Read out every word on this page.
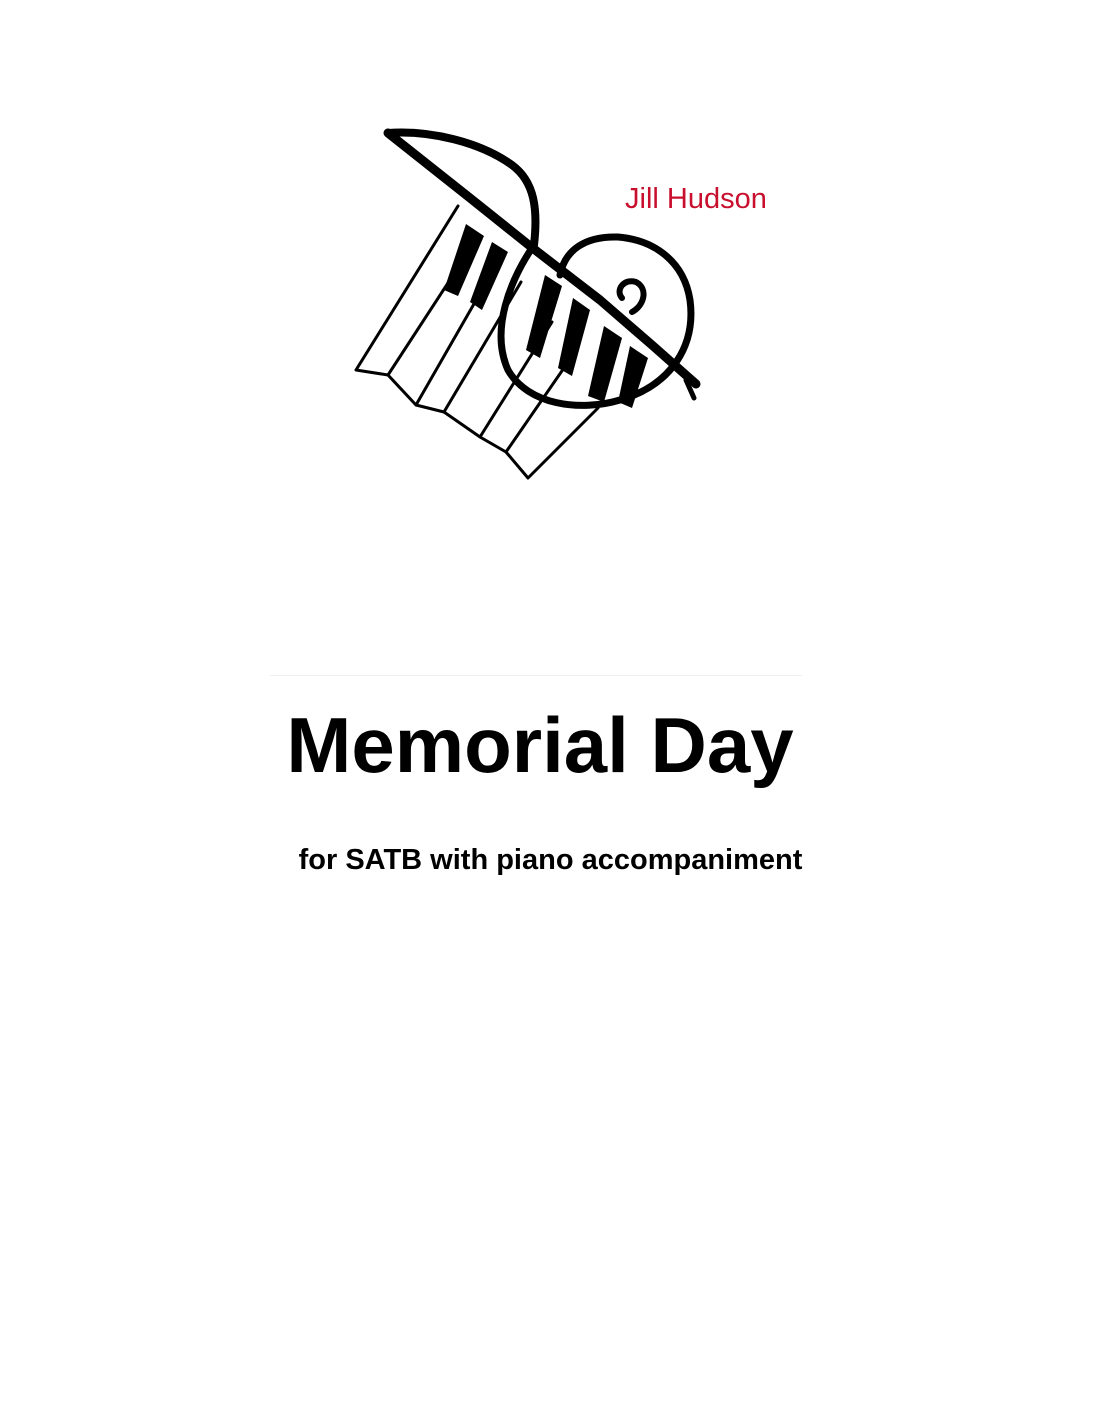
Jill Hudson
Memorial Day
for SATB with piano accompaniment
